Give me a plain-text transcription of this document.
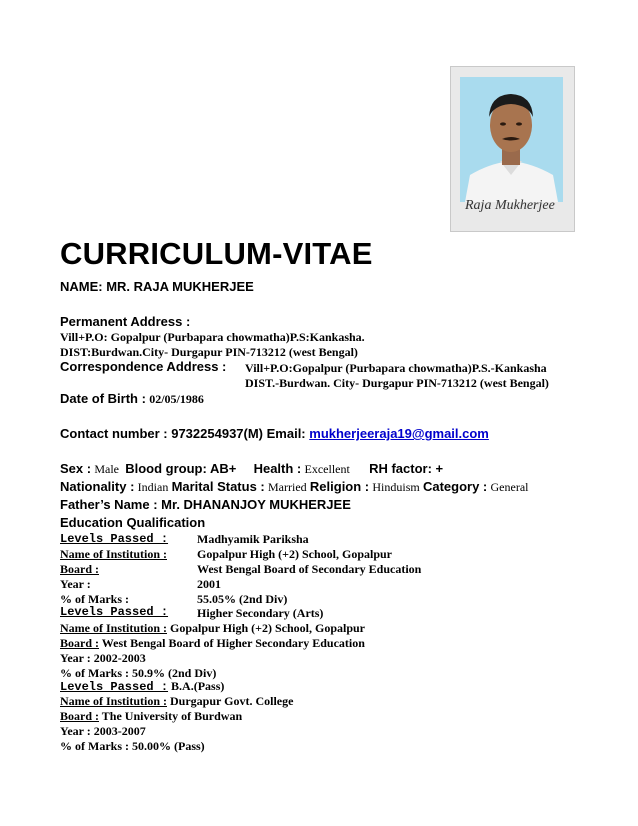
Raja Mukherjee
CURRICULUM-VITAE
NAME: MR. RAJA MUKHERJEE
Permanent Address :
Vill+P.O: Gopalpur (Purbapara chowmatha)P.S:Kankasha.
DIST:Burdwan.City- Durgapur PIN-713212 (west Bengal)
Correspondence Address : Vill+P.O:Gopalpur (Purbapara chowmatha)P.S.-Kankasha
DIST.-Burdwan. City- Durgapur PIN-713212 (west Bengal)
Date of Birth : 02/05/1986
Contact number : 9732254937(M) Email: mukherjeeraja19@gmail.com
Sex : Male Blood group: AB+ Health : Excellent RH factor: +
Nationality : Indian Marital Status : Married Religion : Hinduism Category : General
Father’s Name : Mr. DHANANJOY MUKHERJEE
Education Qualification
Levels Passed : Madhyamik Pariksha
Name of Institution :	Gopalpur High (+2) School, Gopalpur
Board :	West Bengal Board of Secondary Education
Year :	2001
% of Marks :	55.05% (2nd Div)
Levels Passed :	Higher Secondary (Arts)
Name of Institution : Gopalpur High (+2) School, Gopalpur
Board : West Bengal Board of Higher Secondary Education
Year : 2002-2003
% of Marks : 50.9% (2nd Div)
Levels Passed : B.A.(Pass)
Name of Institution : Durgapur Govt. College
Board : The University of Burdwan
Year : 2003-2007
% of Marks : 50.00% (Pass)
